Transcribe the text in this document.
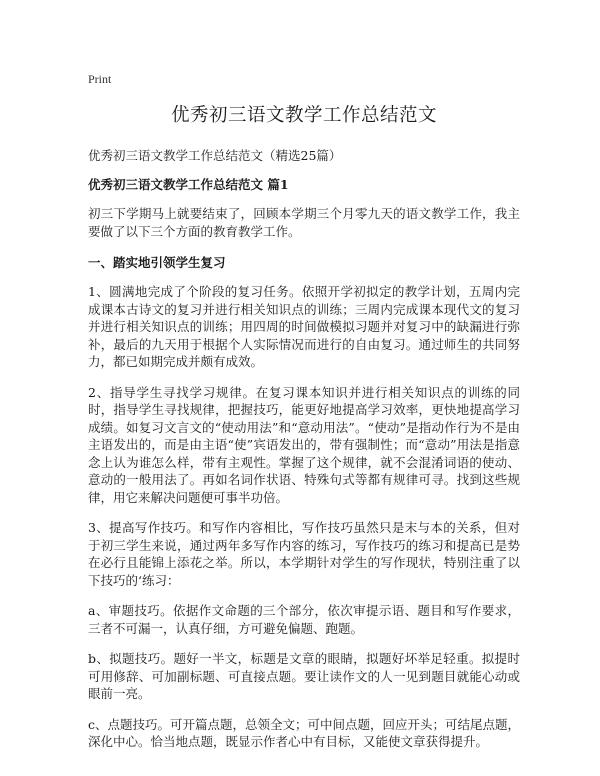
Print
优秀初三语文教学工作总结范文
优秀初三语文教学工作总结范文（精选25篇）
优秀初三语文教学工作总结范文 篇1

初三下学期马上就要结束了，回顾本学期三个月零九天的语文教学工作，我主要做了以下三个方面的教育教学工作。

一、踏实地引领学生复习

1、圆满地完成了个阶段的复习任务。依照开学初拟定的教学计划，五周内完成课本古诗文的复习并进行相关知识点的训练；三周内完成课本现代文的复习并进行相关知识点的训练；用四周的时间做模拟习题并对复习中的缺漏进行弥补，最后的九天用于根据个人实际情况而进行的自由复习。通过师生的共同努力，都已如期完成并颇有成效。

2、指导学生寻找学习规律。在复习课本知识并进行相关知识点的训练的同时，指导学生寻找规律，把握技巧，能更好地提高学习效率，更快地提高学习成绩。如复习文言文的“使动用法”和“意动用法”。“使动”是指动作行为不是由主语发出的，而是由主语“使”宾语发出的，带有强制性；而“意动”用法是指意念上认为谁怎么样，带有主观性。掌握了这个规律，就不会混淆词语的使动、意动的一般用法了。再如名词作状语、特殊句式等都有规律可寻。找到这些规律，用它来解决问题便可事半功倍。

3、提高写作技巧。和写作内容相比，写作技巧虽然只是末与本的关系，但对于初三学生来说，通过两年多写作内容的练习，写作技巧的练习和提高已是势在必行且能锦上添花之举。所以，本学期针对学生的写作现状，特别注重了以下技巧的‘练习：

a、审题技巧。依据作文命题的三个部分，依次审提示语、题目和写作要求，三者不可漏一，认真仔细，方可避免偏题、跑题。

b、拟题技巧。题好一半文，标题是文章的眼睛，拟题好坏举足轻重。拟提时可用修辞、可加副标题、可直接点题。要让读作文的人一见到题目就能心动或眼前一亮。

c、点题技巧。可开篇点题，总领全文；可中间点题，回应开头；可结尾点题，深化中心。恰当地点题，既显示作者心中有目标，又能使文章获得提升。
